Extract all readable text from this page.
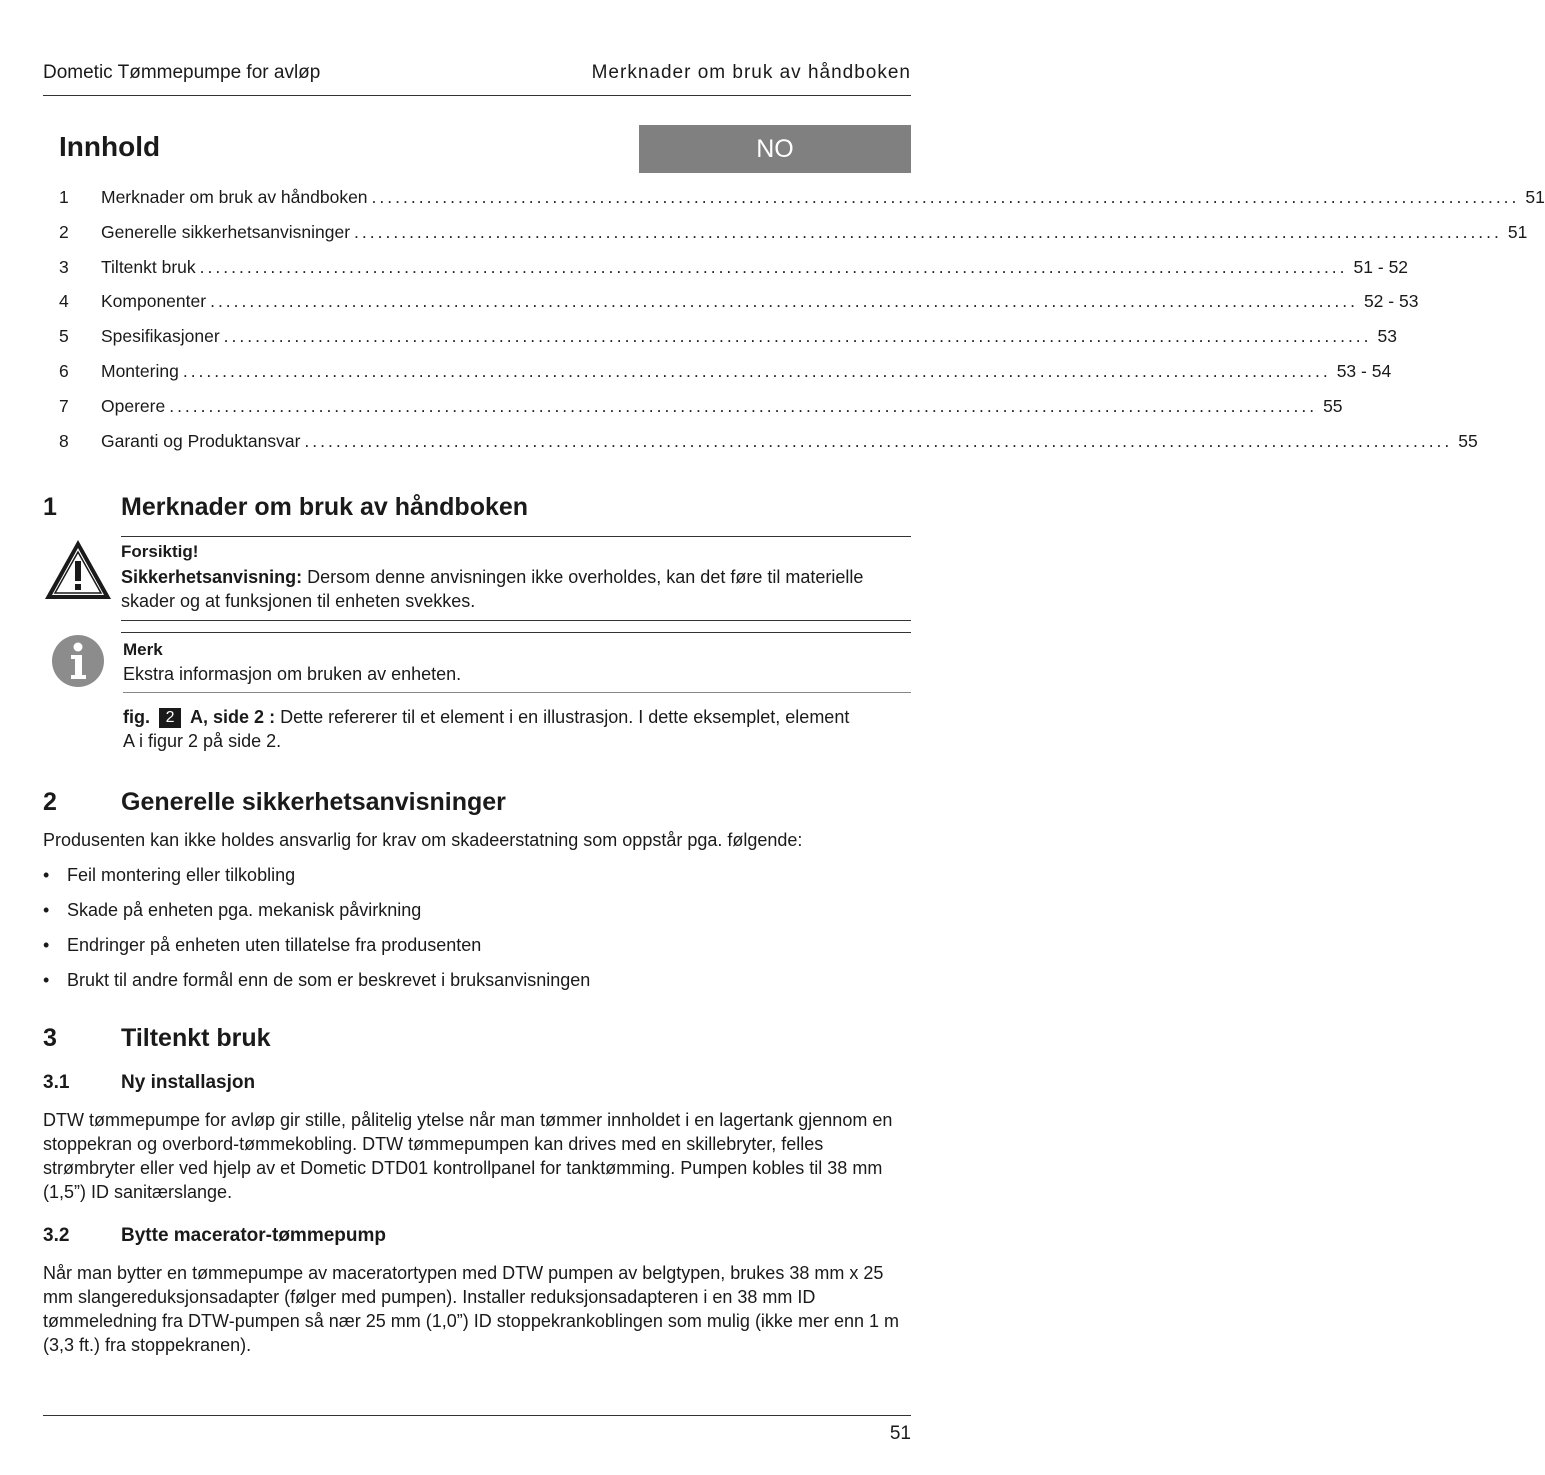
Dometic Tømmepumpe for avløp	Merknader om bruk av håndboken
Innhold	NO
1	Merknader om bruk av håndboken .................................................................................................................................................. 51
2	Generelle sikkerhetsanvisninger .................................................................................................................................................. 51
3	Tiltenkt bruk .................................................................................................................................................. 51 - 52
4	Komponenter .................................................................................................................................................. 52 - 53
5	Spesifikasjoner .................................................................................................................................................. 53
6	Montering .................................................................................................................................................. 53 - 54
7	Operere .................................................................................................................................................. 55
8	Garanti og Produktansvar .................................................................................................................................................. 55
1	Merknader om bruk av håndboken
Forsiktig!
Sikkerhetsanvisning: Dersom denne anvisningen ikke overholdes, kan det føre til materielle skader og at funksjonen til enheten svekkes.
Merk
Ekstra informasjon om bruken av enheten.
fig. 2 A, side 2 : Dette refererer til et element i en illustrasjon. I dette eksemplet, element A i figur 2 på side 2.
2	Generelle sikkerhetsanvisninger
Produsenten kan ikke holdes ansvarlig for krav om skadeerstatning som oppstår pga. følgende:
• Feil montering eller tilkobling
• Skade på enheten pga. mekanisk påvirkning
• Endringer på enheten uten tillatelse fra produsenten
• Brukt til andre formål enn de som er beskrevet i bruksanvisningen
3	Tiltenkt bruk
3.1	Ny installasjon
DTW tømmepumpe for avløp gir stille, pålitelig ytelse når man tømmer innholdet i en lagertank gjennom en stoppekran og overbord-tømmekobling. DTW tømmepumpen kan drives med en skillebryter, felles strømbryter eller ved hjelp av et Dometic DTD01 kontrollpanel for tanktømming. Pumpen kobles til 38 mm (1,5”) ID sanitærslange.
3.2	Bytte macerator-tømmepump
Når man bytter en tømmepumpe av maceratortypen med DTW pumpen av belgtypen, brukes 38 mm x 25 mm slangereduksjonsadapter (følger med pumpen). Installer reduksjonsadapteren i en 38 mm ID tømmeledning fra DTW-pumpen så nær 25 mm (1,0”) ID stoppekrankoblingen som mulig (ikke mer enn 1 m (3,3 ft.) fra stoppekranen).
51
